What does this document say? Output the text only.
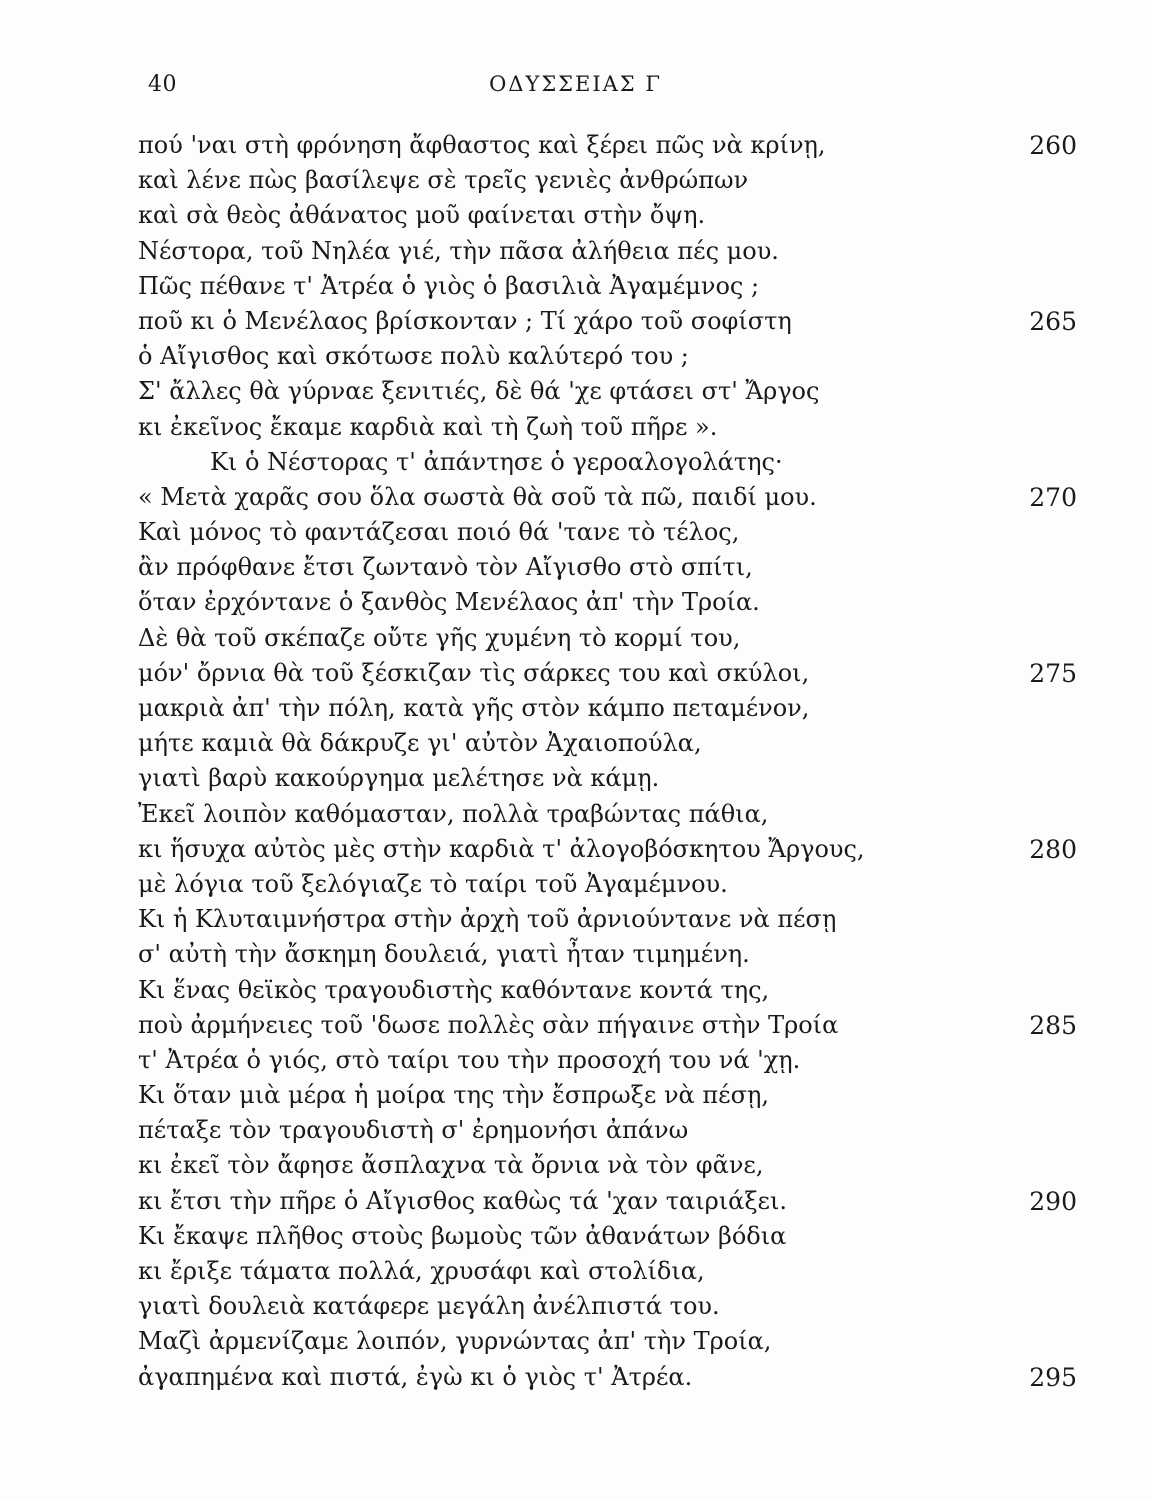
40	ΟΔΥΣΣΕΙΑΣ Γ
πού 'ναι στὴ φρόνηση ἄφθαστος καὶ ξέρει πῶς νὰ κρίνῃ,	260
καὶ λένε πὼς βασίλεψε σὲ τρεῖς γενιὲς ἀνθρώπων
καὶ σὰ θεὸς ἀθάνατος μοῦ φαίνεται στὴν ὄψη.
Νέστορα, τοῦ Νηλέα γιέ, τὴν πᾶσα ἀλήθεια πές μου.
Πῶς πέθανε τ' Ἀτρέα ὁ γιὸς ὁ βασιλιὰ Ἀγαμέμνος ;
ποῦ κι ὁ Μενέλαος βρίσκονταν ; Τί χάρο τοῦ σοφίστη	265
ὁ Αἴγισθος καὶ σκότωσε πολὺ καλύτερό του ;
Σ' ἄλλες θὰ γύρναε ξενιτιές, δὲ θά 'χε φτάσει στ' Ἄργος
κι ἐκεῖνος ἔκαμε καρδιὰ καὶ τὴ ζωὴ τοῦ πῆρε ».
Κι ὁ Νέστορας τ' ἀπάντησε ὁ γεροαλογολάτης·
« Μετὰ χαρᾶς σου ὅλα σωστὰ θὰ σοῦ τὰ πῶ, παιδί μου.	270
Καὶ μόνος τὸ φαντάζεσαι ποιό θά 'τανε τὸ τέλος,
ἂν πρόφθανε ἔτσι ζωντανὸ τὸν Αἴγισθο στὸ σπίτι,
ὅταν ἐρχόντανε ὁ ξανθὸς Μενέλαος ἀπ' τὴν Τροία.
Δὲ θὰ τοῦ σκέπαζε οὔτε γῆς χυμένη τὸ κορμί του,
μόν' ὄρνια θὰ τοῦ ξέσκιζαν τὶς σάρκες του καὶ σκύλοι,	275
μακριὰ ἀπ' τὴν πόλη, κατὰ γῆς στὸν κάμπο πεταμένον,
μήτε καμιὰ θὰ δάκρυζε γι' αὐτὸν Ἀχαιοπούλα,
γιατὶ βαρὺ κακούργημα μελέτησε νὰ κάμῃ.
Ἐκεῖ λοιπὸν καθόμασταν, πολλὰ τραβώντας πάθια,
κι ἥσυχα αὐτὸς μὲς στὴν καρδιὰ τ' ἀλογοβόσκητου Ἄργους,	280
μὲ λόγια τοῦ ξελόγιαζε τὸ ταίρι τοῦ Ἀγαμέμνου.
Κι ἡ Κλυταιμνήστρα στὴν ἀρχὴ τοῦ ἀρνιούντανε νὰ πέσῃ
σ' αὐτὴ τὴν ἄσκημη δουλειά, γιατὶ ἦταν τιμημένη.
Κι ἕνας θεϊκὸς τραγουδιστὴς καθόντανε κοντά της,
ποὺ ἀρμήνειες τοῦ 'δωσε πολλὲς σὰν πήγαινε στὴν Τροία	285
τ' Ἀτρέα ὁ γιός, στὸ ταίρι του τὴν προσοχή του νά 'χῃ.
Κι ὅταν μιὰ μέρα ἡ μοίρα της τὴν ἔσπρωξε νὰ πέσῃ,
πέταξε τὸν τραγουδιστὴ σ' ἐρημονήσι ἀπάνω
κι ἐκεῖ τὸν ἄφησε ἄσπλαχνα τὰ ὄρνια νὰ τὸν φᾶνε,
κι ἔτσι τὴν πῆρε ὁ Αἴγισθος καθὼς τά 'χαν ταιριάξει.	290
Κι ἔκαψε πλῆθος στοὺς βωμοὺς τῶν ἀθανάτων βόδια
κι ἔριξε τάματα πολλά, χρυσάφι καὶ στολίδια,
γιατὶ δουλειὰ κατάφερε μεγάλη ἀνέλπιστά του.
Μαζὶ ἀρμενίζαμε λοιπόν, γυρνώντας ἀπ' τὴν Τροία,
ἀγαπημένα καὶ πιστά, ἐγὼ κι ὁ γιὸς τ' Ἀτρέα.	295
